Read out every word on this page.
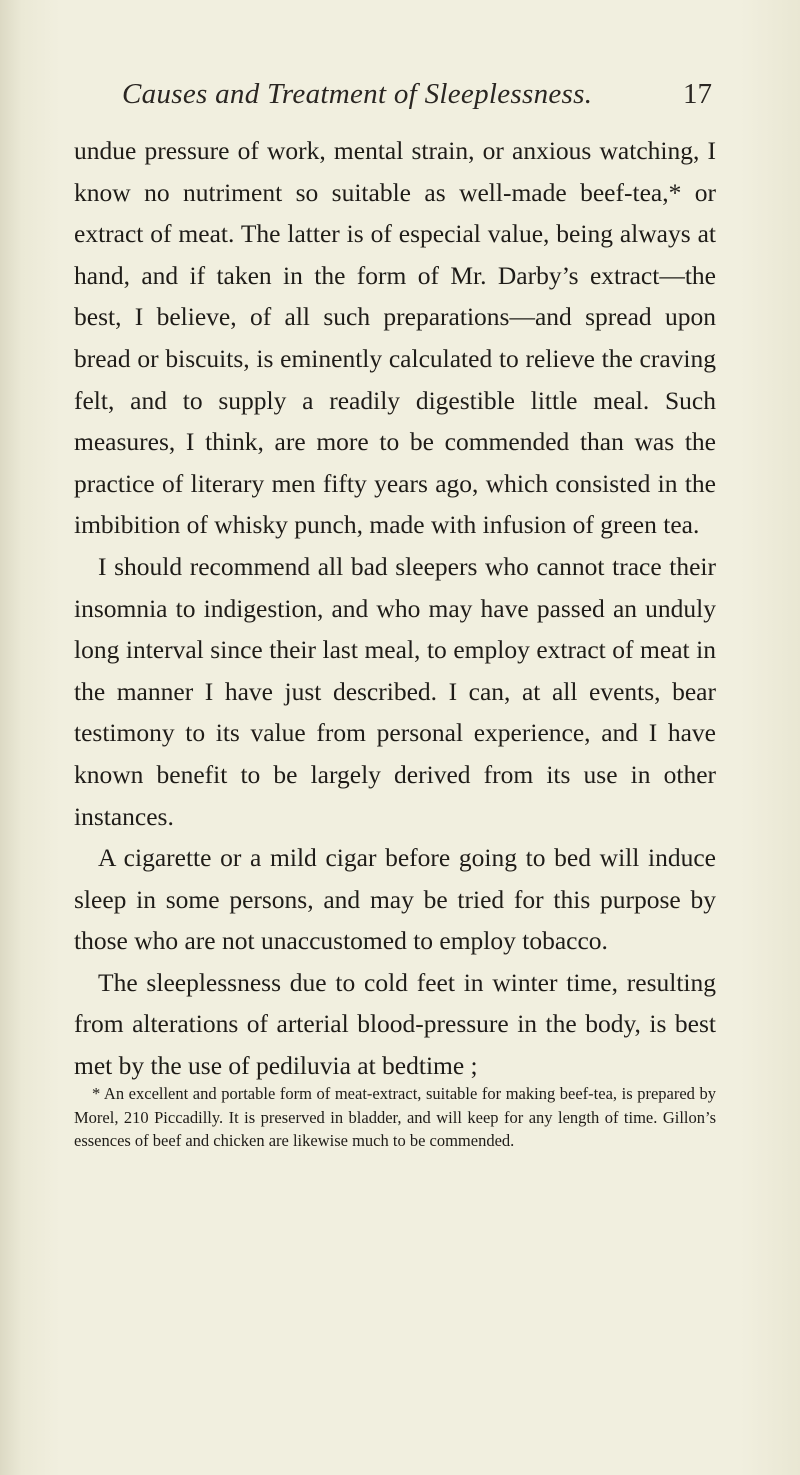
Causes and Treatment of Sleeplessness.	17

undue pressure of work, mental strain, or anxious watching, I know no nutriment so suitable as well-made beef-tea,* or extract of meat. The latter is of especial value, being always at hand, and if taken in the form of Mr. Darby’s extract—the best, I believe, of all such preparations—and spread upon bread or biscuits, is eminently calculated to relieve the craving felt, and to supply a readily digestible little meal. Such measures, I think, are more to be commended than was the practice of literary men fifty years ago, which consisted in the imbibition of whisky punch, made with infusion of green tea.

I should recommend all bad sleepers who cannot trace their insomnia to indigestion, and who may have passed an unduly long interval since their last meal, to employ extract of meat in the manner I have just described. I can, at all events, bear testimony to its value from personal experience, and I have known benefit to be largely derived from its use in other instances.

A cigarette or a mild cigar before going to bed will induce sleep in some persons, and may be tried for this purpose by those who are not unaccustomed to employ tobacco.

The sleeplessness due to cold feet in winter time, resulting from alterations of arterial blood-pressure in the body, is best met by the use of pediluvia at bedtime ;

* An excellent and portable form of meat-extract, suitable for making beef-tea, is prepared by Morel, 210 Piccadilly. It is preserved in bladder, and will keep for any length of time. Gillon’s essences of beef and chicken are likewise much to be commended.
